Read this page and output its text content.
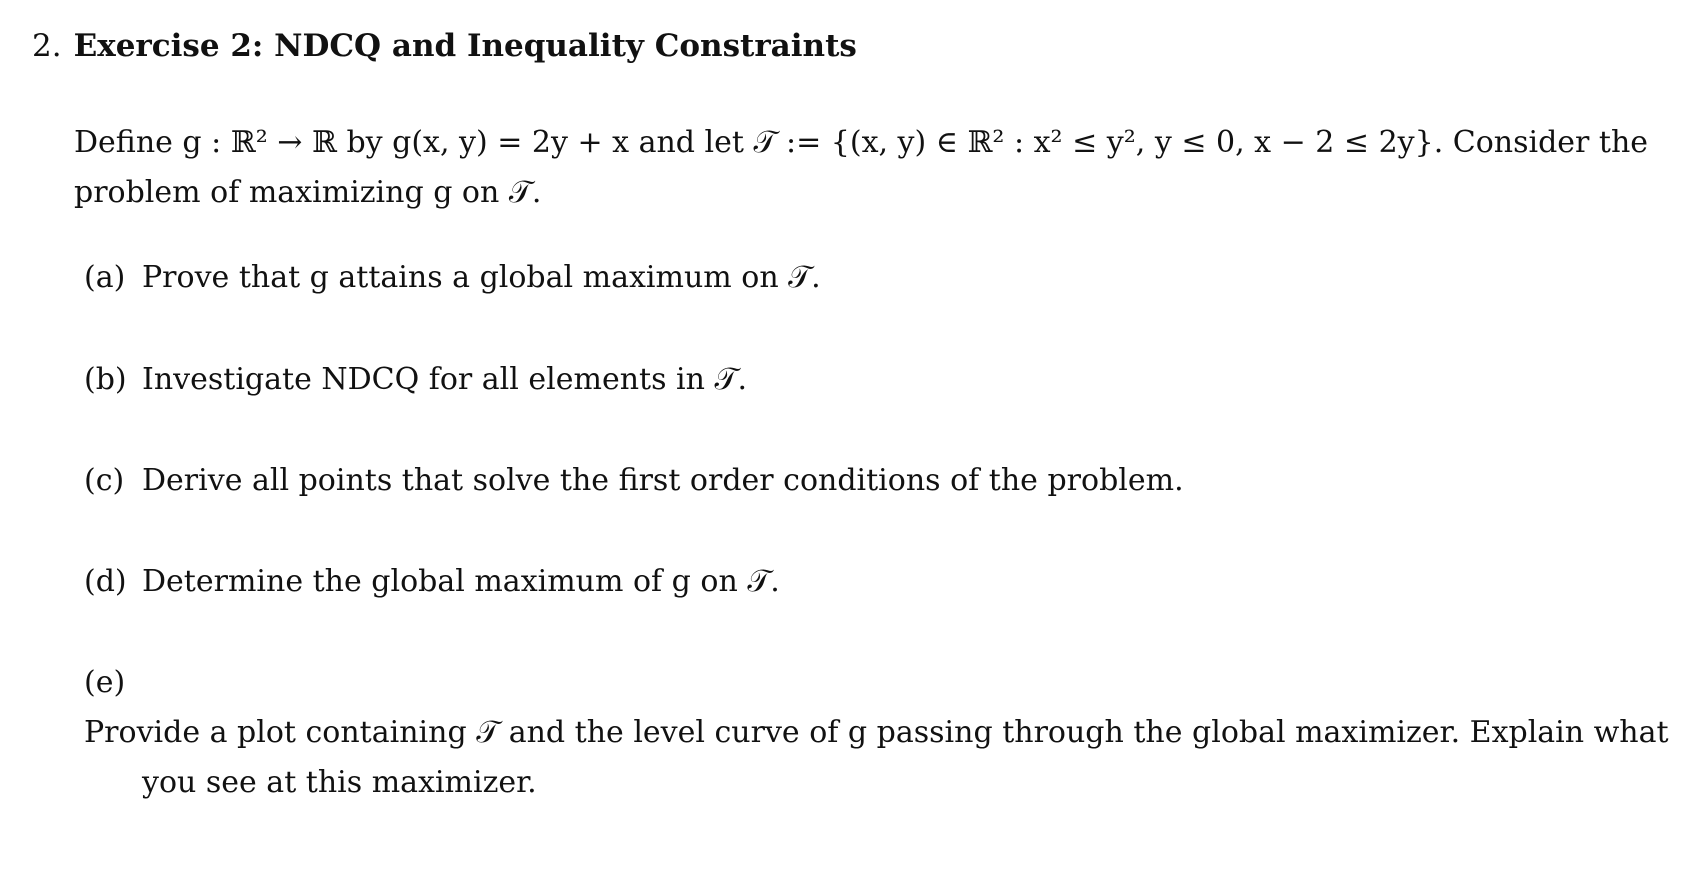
2. Exercise 2: NDCQ and Inequality Constraints

Define g : ℝ² → ℝ by g(x, y) = 2y + x and let 𝒯 := {(x, y) ∈ ℝ² : x² ≤ y², y ≤ 0, x − 2 ≤ 2y}. Consider the

problem of maximizing g on 𝒯.

(a) Prove that g attains a global maximum on 𝒯.
(b) Investigate NDCQ for all elements in 𝒯.
(c) Derive all points that solve the first order conditions of the problem.
(d) Determine the global maximum of g on 𝒯.
(e)Provide a plot containing 𝒯 and the level curve of g passing through the global maximizer. Explain what
you see at this maximizer.
